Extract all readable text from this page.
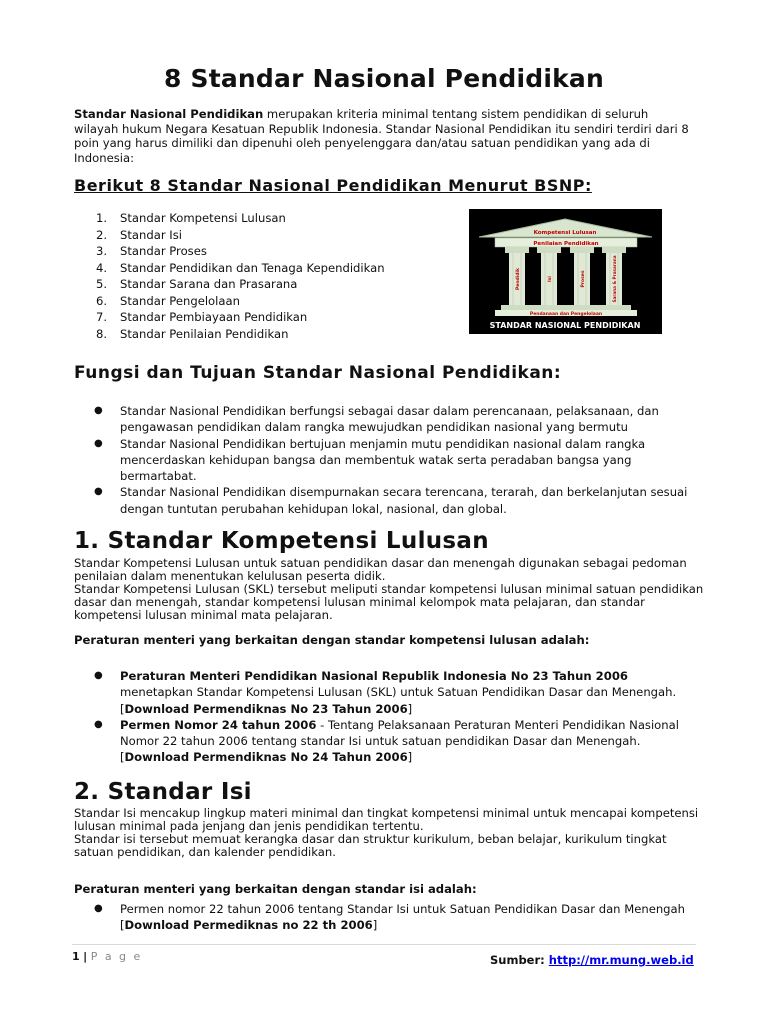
8 Standar Nasional Pendidikan

Standar Nasional Pendidikan merupakan kriteria minimal tentang sistem pendidikan di seluruh wilayah hukum Negara Kesatuan Republik Indonesia. Standar Nasional Pendidikan itu sendiri terdiri dari 8 poin yang harus dimiliki dan dipenuhi oleh penyelenggara dan/atau satuan pendidikan yang ada di Indonesia:

Berikut 8 Standar Nasional Pendidikan Menurut BSNP:
1. Standar Kompetensi Lulusan
2. Standar Isi
3. Standar Proses
4. Standar Pendidikan dan Tenaga Kependidikan
5. Standar Sarana dan Prasarana
6. Standar Pengelolaan
7. Standar Pembiayaan Pendidikan
8. Standar Penilaian Pendidikan
Kompetensi Lulusan
Penilaian Pendidikan
Pendidik	Isi	Proses	Sarana & Prasarana
Pendanaan dan Pengelolaan
STANDAR NASIONAL PENDIDIKAN
Fungsi dan Tujuan Standar Nasional Pendidikan:
● Standar Nasional Pendidikan berfungsi sebagai dasar dalam perencanaan, pelaksanaan, dan pengawasan pendidikan dalam rangka mewujudkan pendidikan nasional yang bermutu
● Standar Nasional Pendidikan bertujuan menjamin mutu pendidikan nasional dalam rangka mencerdaskan kehidupan bangsa dan membentuk watak serta peradaban bangsa yang bermartabat.
● Standar Nasional Pendidikan disempurnakan secara terencana, terarah, dan berkelanjutan sesuai dengan tuntutan perubahan kehidupan lokal, nasional, dan global.
1. Standar Kompetensi Lulusan

Standar Kompetensi Lulusan untuk satuan pendidikan dasar dan menengah digunakan sebagai pedoman penilaian dalam menentukan kelulusan peserta didik.

Standar Kompetensi Lulusan (SKL) tersebut meliputi standar kompetensi lulusan minimal satuan pendidikan dasar dan menengah, standar kompetensi lulusan minimal kelompok mata pelajaran, dan standar kompetensi lulusan minimal mata pelajaran.

Peraturan menteri yang berkaitan dengan standar kompetensi lulusan adalah:
● Peraturan Menteri Pendidikan Nasional Republik Indonesia No 23 Tahun 2006 menetapkan Standar Kompetensi Lulusan (SKL) untuk Satuan Pendidikan Dasar dan Menengah. [Download Permendiknas No 23 Tahun 2006]
● Permen Nomor 24 tahun 2006 - Tentang Pelaksanaan Peraturan Menteri Pendidikan Nasional Nomor 22 tahun 2006 tentang standar Isi untuk satuan pendidikan Dasar dan Menengah. [Download Permendiknas No 24 Tahun 2006]
2. Standar Isi

Standar Isi mencakup lingkup materi minimal dan tingkat kompetensi minimal untuk mencapai kompetensi lulusan minimal pada jenjang dan jenis pendidikan tertentu.

Standar isi tersebut memuat kerangka dasar dan struktur kurikulum, beban belajar, kurikulum tingkat satuan pendidikan, dan kalender pendidikan.

Peraturan menteri yang berkaitan dengan standar isi adalah:
● Permen nomor 22 tahun 2006 tentang Standar Isi untuk Satuan Pendidikan Dasar dan Menengah [Download Permediknas no 22 th 2006]
1 | P a g e	Sumber: http://mr.mung.web.id
